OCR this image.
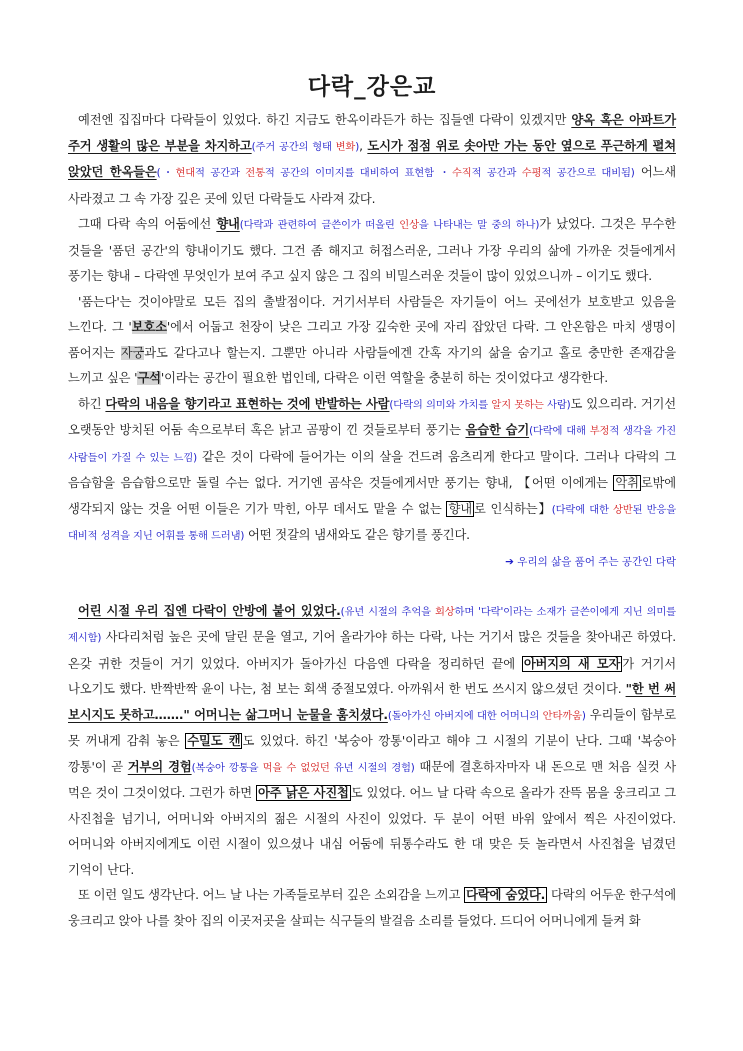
다락_강은교

예전엔 집집마다 다락들이 있었다. 하긴 지금도 한옥이라든가 하는 집들엔 다락이 있겠지만 양옥 혹은 아파트가 주거 생활의 많은 부분을 차지하고(주거 공간의 형태 변화), 도시가 점점 위로 솟아만 가는 동안 옆으로 푸근하게 펼쳐 앉았던 한옥들은(・현대적 공간과 전통적 공간의 이미지를 대비하여 표현함 ・수직적 공간과 수평적 공간으로 대비됨) 어느새 사라졌고 그 속 가장 깊은 곳에 있던 다락들도 사라져 갔다.

그때 다락 속의 어둠에선 향내(다락과 관련하여 글쓴이가 떠올린 인상을 나타내는 말 중의 하나)가 났었다. 그것은 무수한 것들을 '품던 공간'의 향내이기도 했다. 그건 좀 해지고 허접스러운, 그러나 가장 우리의 삶에 가까운 것들에게서 풍기는 향내 – 다락엔 무엇인가 보여 주고 싶지 않은 그 집의 비밀스러운 것들이 많이 있었으니까 – 이기도 했다.

'품는다'는 것이야말로 모든 집의 출발점이다. 거기서부터 사람들은 자기들이 어느 곳에선가 보호받고 있음을 느낀다. 그 '보호소'에서 어둡고 천장이 낮은 그리고 가장 깊숙한 곳에 자리 잡았던 다락. 그 안온함은 마치 생명이 품어지는 자궁과도 같다고나 할는지. 그뿐만 아니라 사람들에겐 간혹 자기의 삶을 숨기고 홀로 충만한 존재감을 느끼고 싶은 '구석'이라는 공간이 필요한 법인데, 다락은 이런 역할을 충분히 하는 것이었다고 생각한다.

하긴 다락의 내음을 향기라고 표현하는 것에 반발하는 사람(다락의 의미와 가치를 알지 못하는 사람)도 있으리라. 거기선 오랫동안 방치된 어둠 속으로부터 혹은 낡고 곰팡이 낀 것들로부터 풍기는 음습한 습기(다락에 대해 부정적 생각을 가진 사람들이 가질 수 있는 느낌) 같은 것이 다락에 들어가는 이의 살을 건드려 움츠리게 한다고 말이다. 그러나 다락의 그 음습함을 음습함으로만 돌릴 수는 없다. 거기엔 곰삭은 것들에게서만 풍기는 향내, 【어떤 이에게는 악취 로밖에 생각되지 않는 것을 어떤 이들은 기가 막힌, 아무 데서도 맡을 수 없는 향내 로 인식하는】(다락에 대한 상반된 반응을 대비적 성격을 지닌 어휘를 통해 드러냄) 어떤 젓갈의 냄새와도 같은 향기를 풍긴다.

➔ 우리의 삶을 품어 주는 공간인 다락

어린 시절 우리 집엔 다락이 안방에 붙어 있었다.(유년 시절의 추억을 회상하며 '다락'이라는 소재가 글쓴이에게 지닌 의미를 제시함) 사다리처럼 높은 곳에 달린 문을 열고, 기어 올라가야 하는 다락, 나는 거기서 많은 것들을 찾아내곤 하였다. 온갖 귀한 것들이 거기 있었다. 아버지가 돌아가신 다음엔 다락을 정리하던 끝에 아버지의 새 모자 가 거기서 나오기도 했다. 반짝반짝 윤이 나는, 첨 보는 회색 중절모였다. 아까워서 한 번도 쓰시지 않으셨던 것이다. "한 번 써 보시지도 못하고……." 어머니는 삶그머니 눈물을 훔치셨다.(돌아가신 아버지에 대한 어머니의 안타까움) 우리들이 함부로 못 꺼내게 감춰 놓은 수밀도 캔 도 있었다. 하긴 '복숭아 깡통'이라고 해야 그 시절의 기분이 난다. 그때 '복숭아 깡통'이 곧 거부의 경험(복숭아 깡통을 먹을 수 없었던 유년 시절의 경험) 때문에 결혼하자마자 내 돈으로 맨 처음 실컷 사 먹은 것이 그것이었다. 그런가 하면 아주 낡은 사진첩 도 있었다. 어느 날 다락 속으로 올라가 잔뜩 몸을 웅크리고 그 사진첩을 넘기니, 어머니와 아버지의 젊은 시절의 사진이 있었다. 두 분이 어떤 바위 앞에서 찍은 사진이었다. 어머니와 아버지에게도 이런 시절이 있으셨나 내심 어둠에 뒤통수라도 한 대 맞은 듯 놀라면서 사진첩을 넘겼던 기억이 난다.

또 이런 일도 생각난다. 어느 날 나는 가족들로부터 깊은 소외감을 느끼고 다락에 숨었다. 다락의 어두운 한구석에 웅크리고 앉아 나를 찾아 집의 이곳저곳을 살피는 식구들의 발걸음 소리를 들었다. 드디어 어머니에게 들켜 화
